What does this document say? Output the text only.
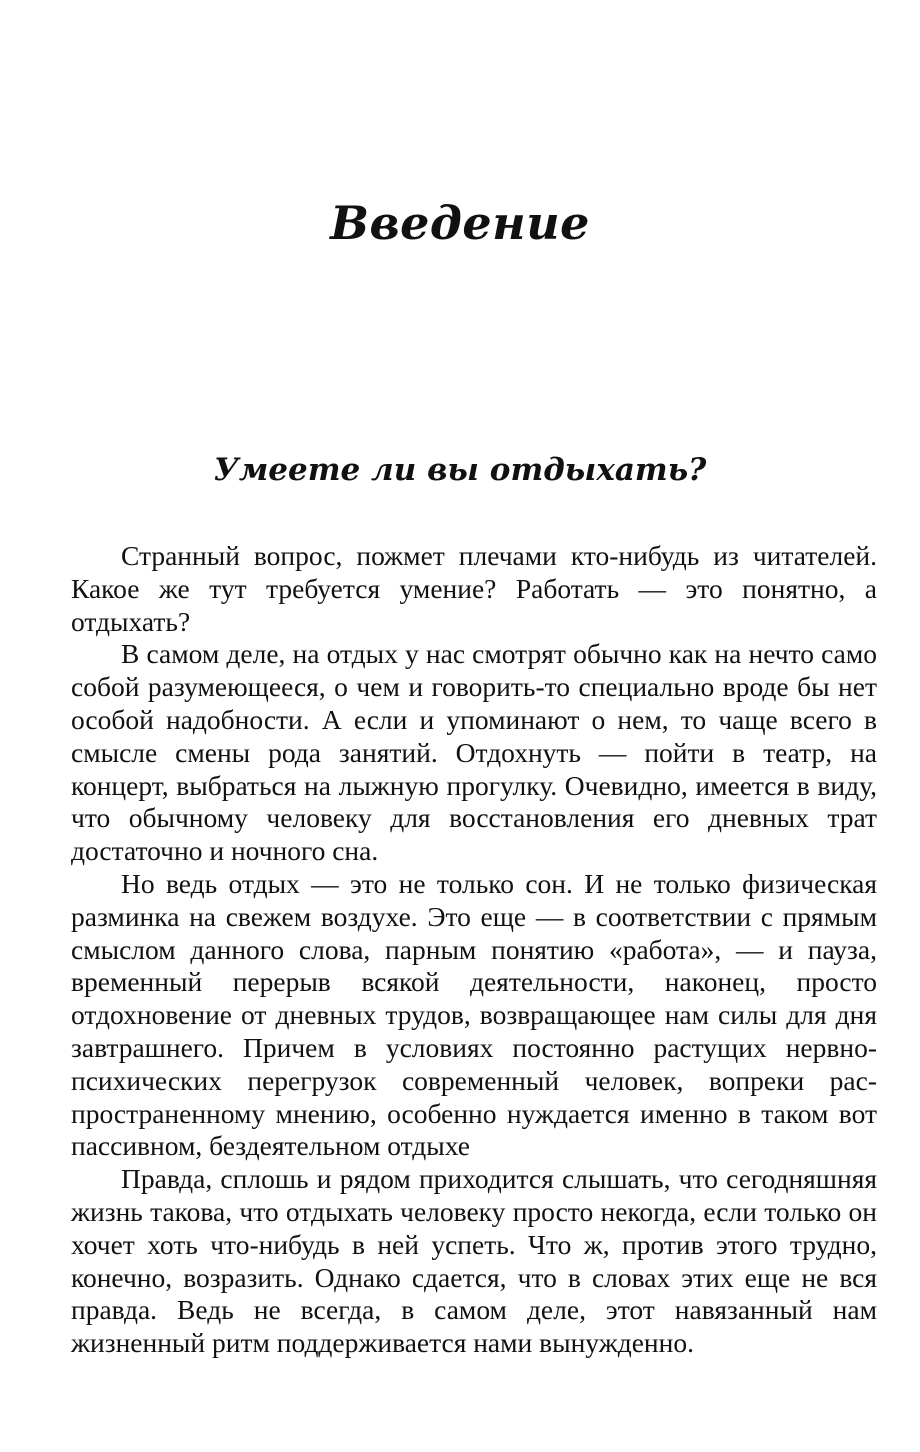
Введение
Умеете ли вы отдыхать?

Странный вопрос, пожмет плечами кто-нибудь из читателей. Какое же тут требуется умение? Работать — это понятно, а отдыхать?

В самом деле, на отдых у нас смотрят обычно как на нечто само собой разумеющееся, о чем и говорить-то специально вроде бы нет особой надобности. А если и упоминают о нем, то чаще всего в смысле смены рода занятий. Отдохнуть — пойти в театр, на концерт, выбраться на лыжную прогулку. Очевидно, имеется в виду, что обычному человеку для восстановления его дневных трат достаточно и ночного сна.

Но ведь отдых — это не только сон. И не только физическая разминка на свежем воздухе. Это еще — в соответствии с прямым смыслом данного слова, парным понятию «работа», — и пауза, временный перерыв всякой деятельности, наконец, просто отдохновение от дневных трудов, возвращающее нам силы для дня завтрашнего. Причем в условиях постоянно растущих нервно-психических перегрузок современный человек, вопреки распространенному мнению, особенно нуждается именно в таком вот пассивном, бездеятельном отдыхе

Правда, сплошь и рядом приходится слышать, что сегодняшняя жизнь такова, что отдыхать человеку просто некогда, если только он хочет хоть что-нибудь в ней успеть. Что ж, против этого трудно, конечно, возразить. Однако сдается, что в словах этих еще не вся правда. Ведь не всегда, в самом деле, этот навязанный нам жизненный ритм поддерживается нами вынужденно.
